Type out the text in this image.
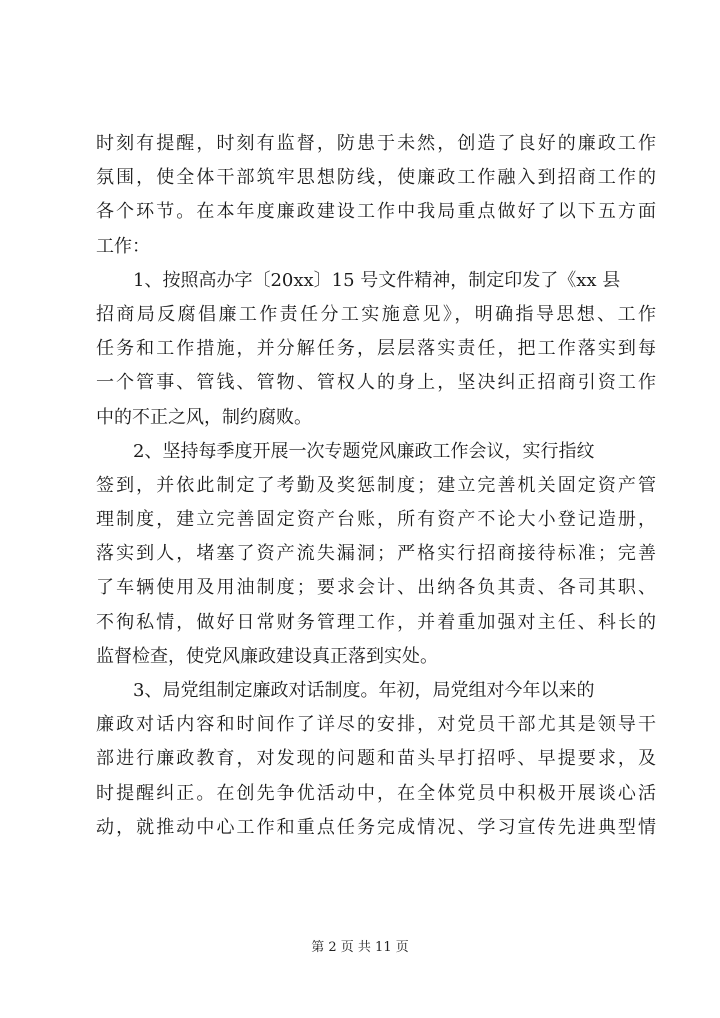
时刻有提醒，时刻有监督，防患于未然，创造了良好的廉政工作
氛围，使全体干部筑牢思想防线，使廉政工作融入到招商工作的
各个环节。在本年度廉政建设工作中我局重点做好了以下五方面
工作：
1、按照高办字〔20xx〕15 号文件精神，制定印发了《xx 县
招商局反腐倡廉工作责任分工实施意见》，明确指导思想、工作
任务和工作措施，并分解任务，层层落实责任，把工作落实到每
一个管事、管钱、管物、管权人的身上，坚决纠正招商引资工作
中的不正之风，制约腐败。
2、坚持每季度开展一次专题党风廉政工作会议，实行指纹
签到，并依此制定了考勤及奖惩制度；建立完善机关固定资产管
理制度，建立完善固定资产台账，所有资产不论大小登记造册，
落实到人，堵塞了资产流失漏洞；严格实行招商接待标准；完善
了车辆使用及用油制度；要求会计、出纳各负其责、各司其职、
不徇私情，做好日常财务管理工作，并着重加强对主任、科长的
监督检查，使党风廉政建设真正落到实处。
3、局党组制定廉政对话制度。年初，局党组对今年以来的
廉政对话内容和时间作了详尽的安排，对党员干部尤其是领导干
部进行廉政教育，对发现的问题和苗头早打招呼、早提要求，及
时提醒纠正。在创先争优活动中，在全体党员中积极开展谈心活
动，就推动中心工作和重点任务完成情况、学习宣传先进典型情
第 2 页 共 11 页
